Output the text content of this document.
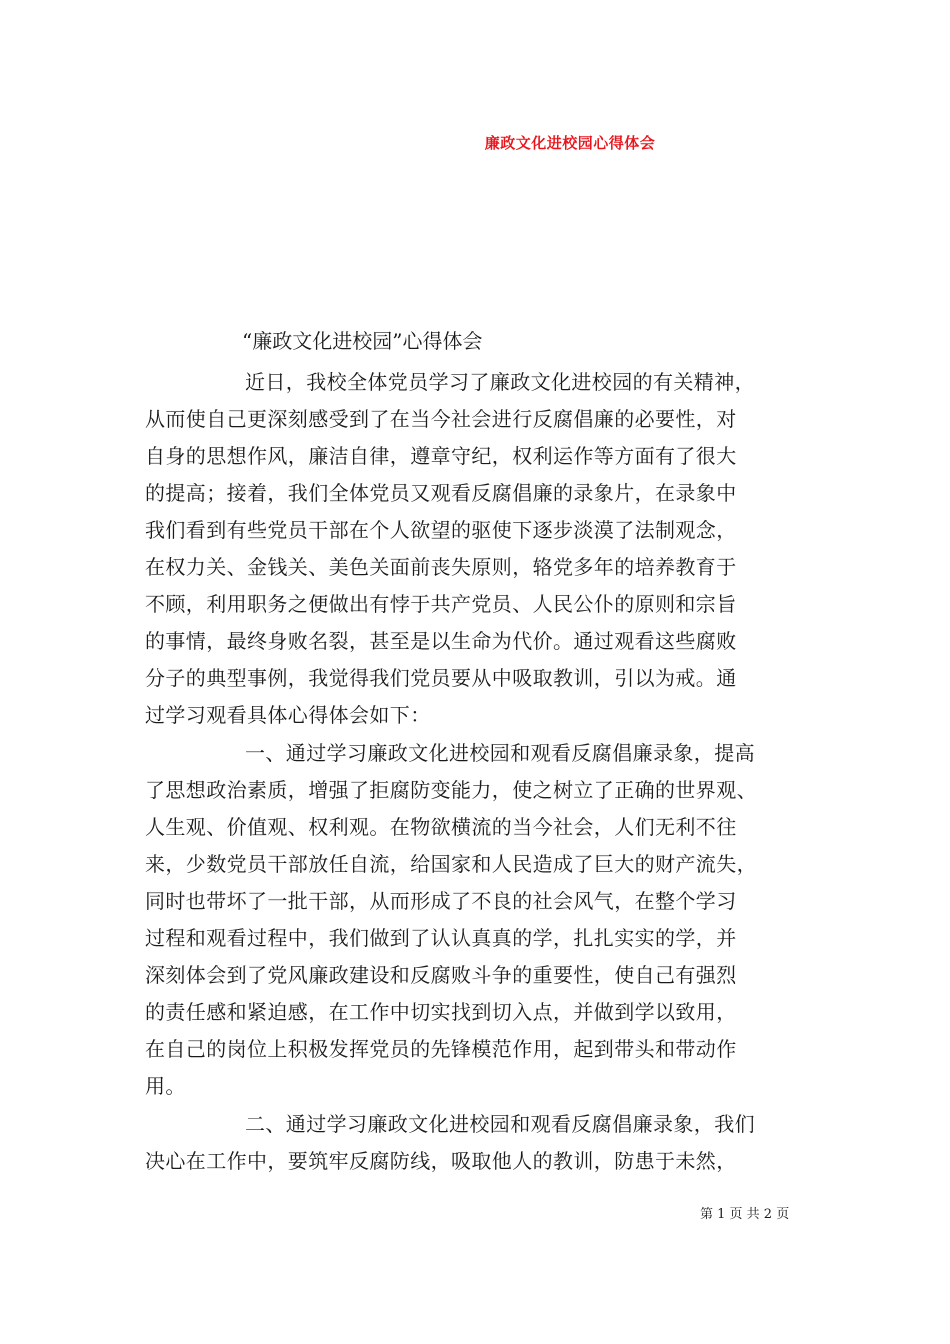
廉政文化进校园心得体会
“廉政文化进校园”心得体会
近日，我校全体党员学习了廉政文化进校园的有关精神，
从而使自己更深刻感受到了在当今社会进行反腐倡廉的必要性，对
自身的思想作风，廉洁自律，遵章守纪，权利运作等方面有了很大
的提高；接着，我们全体党员又观看反腐倡廉的录象片，在录象中
我们看到有些党员干部在个人欲望的驱使下逐步淡漠了法制观念，
在权力关、金钱关、美色关面前丧失原则，辂党多年的培养教育于
不顾，利用职务之便做出有悖于共产党员、人民公仆的原则和宗旨
的事情，最终身败名裂，甚至是以生命为代价。通过观看这些腐败
分子的典型事例，我觉得我们党员要从中吸取教训，引以为戒。通
过学习观看具体心得体会如下：
一、通过学习廉政文化进校园和观看反腐倡廉录象，提高
了思想政治素质，增强了拒腐防变能力，使之树立了正确的世界观、
人生观、价值观、权利观。在物欲横流的当今社会，人们无利不往
来，少数党员干部放任自流，给国家和人民造成了巨大的财产流失，
同时也带坏了一批干部，从而形成了不良的社会风气，在整个学习
过程和观看过程中，我们做到了认认真真的学，扎扎实实的学，并
深刻体会到了党风廉政建设和反腐败斗争的重要性，使自己有强烈
的责任感和紧迫感，在工作中切实找到切入点，并做到学以致用，
在自己的岗位上积极发挥党员的先锋模范作用，起到带头和带动作
用。
二、通过学习廉政文化进校园和观看反腐倡廉录象，我们
决心在工作中，要筑牢反腐防线，吸取他人的教训，防患于未然，
第 1 页 共 2 页
